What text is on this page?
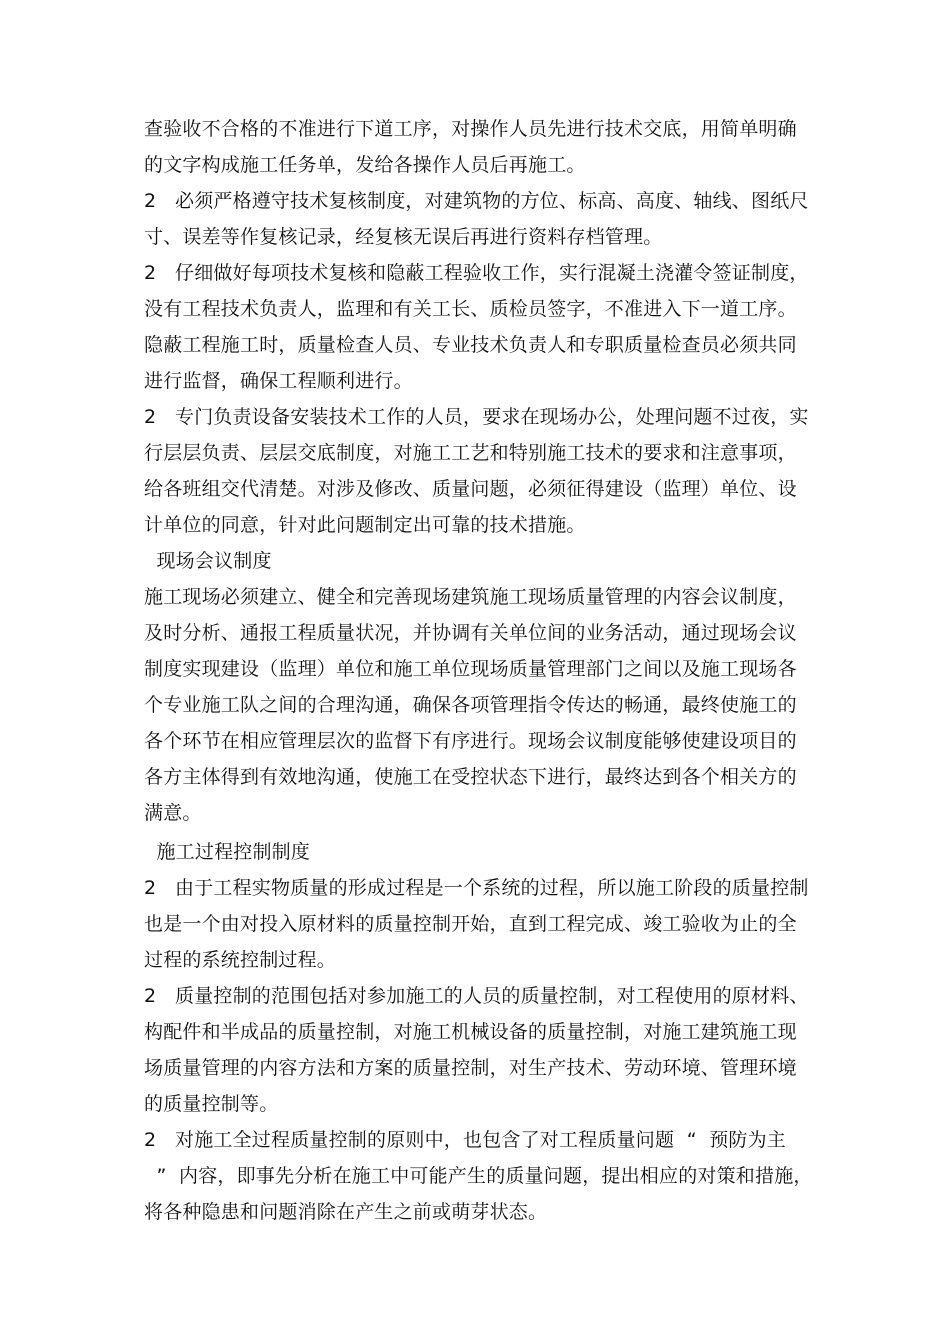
查验收不合格的不准进行下道工序，对操作人员先进行技术交底，用简单明确
的文字构成施工任务单，发给各操作人员后再施工。
2   必须严格遵守技术复核制度，对建筑物的方位、标高、高度、轴线、图纸尺
寸、误差等作复核记录，经复核无误后再进行资料存档管理。
2   仔细做好每项技术复核和隐蔽工程验收工作，实行混凝土浇灌令签证制度，
没有工程技术负责人，监理和有关工长、质检员签字，不准进入下一道工序。
隐蔽工程施工时，质量检查人员、专业技术负责人和专职质量检查员必须共同
进行监督，确保工程顺利进行。
2   专门负责设备安装技术工作的人员，要求在现场办公，处理问题不过夜，实
行层层负责、层层交底制度，对施工工艺和特别施工技术的要求和注意事项，
给各班组交代清楚。对涉及修改、质量问题，必须征得建设（监理）单位、设
计单位的同意，针对此问题制定出可靠的技术措施。
现场会议制度
施工现场必须建立、健全和完善现场建筑施工现场质量管理的内容会议制度，
及时分析、通报工程质量状况，并协调有关单位间的业务活动，通过现场会议
制度实现建设（监理）单位和施工单位现场质量管理部门之间以及施工现场各
个专业施工队之间的合理沟通，确保各项管理指令传达的畅通，最终使施工的
各个环节在相应管理层次的监督下有序进行。现场会议制度能够使建设项目的
各方主体得到有效地沟通，使施工在受控状态下进行，最终达到各个相关方的
满意。
施工过程控制制度
2   由于工程实物质量的形成过程是一个系统的过程，所以施工阶段的质量控制
也是一个由对投入原材料的质量控制开始，直到工程完成、竣工验收为止的全
过程的系统控制过程。
2   质量控制的范围包括对参加施工的人员的质量控制，对工程使用的原材料、
构配件和半成品的质量控制，对施工机械设备的质量控制，对施工建筑施工现
场质量管理的内容方法和方案的质量控制，对生产技术、劳动环境、管理环境
的质量控制等。
2   对施工全过程质量控制的原则中，也包含了对工程质量问题  “  预防为主
”  内容，即事先分析在施工中可能产生的质量问题，提出相应的对策和措施，
将各种隐患和问题消除在产生之前或萌芽状态。
